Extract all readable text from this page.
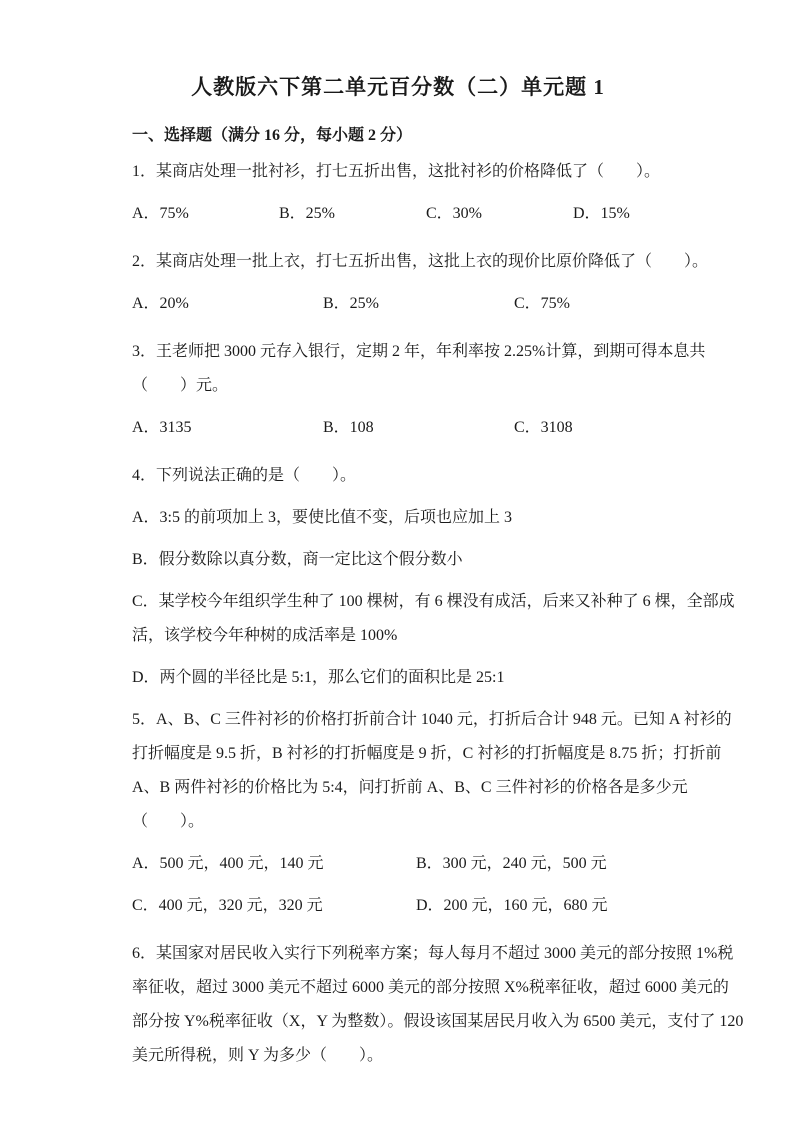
人教版六下第二单元百分数（二）单元题 1
一、选择题（满分 16 分，每小题 2 分）
1．某商店处理一批衬衫，打七五折出售，这批衬衫的价格降低了（　　）。
A．75%	B．25%	C．30%	D．15%
2．某商店处理一批上衣，打七五折出售，这批上衣的现价比原价降低了（　　）。
A．20%	B．25%	C．75%
3．王老师把 3000 元存入银行，定期 2 年，年利率按 2.25%计算，到期可得本息共
（　　）元。
A．3135	B．108	C．3108
4．下列说法正确的是（　　）。
A．3:5 的前项加上 3，要使比值不变，后项也应加上 3
B．假分数除以真分数，商一定比这个假分数小
C．某学校今年组织学生种了 100 棵树，有 6 棵没有成活，后来又补种了 6 棵，全部成
活，该学校今年种树的成活率是 100%
D．两个圆的半径比是 5:1，那么它们的面积比是 25:1
5．A、B、C 三件衬衫的价格打折前合计 1040 元，打折后合计 948 元。已知 A 衬衫的
打折幅度是 9.5 折，B 衬衫的打折幅度是 9 折，C 衬衫的打折幅度是 8.75 折；打折前
A、B 两件衬衫的价格比为 5:4，问打折前 A、B、C 三件衬衫的价格各是多少元
（　　）。
A．500 元，400 元，140 元	B．300 元，240 元，500 元
C．400 元，320 元，320 元	D．200 元，160 元，680 元
6．某国家对居民收入实行下列税率方案；每人每月不超过 3000 美元的部分按照 1%税
率征收，超过 3000 美元不超过 6000 美元的部分按照 X%税率征收，超过 6000 美元的
部分按 Y%税率征收（X，Y 为整数）。假设该国某居民月收入为 6500 美元，支付了 120
美元所得税，则 Y 为多少（　　）。
